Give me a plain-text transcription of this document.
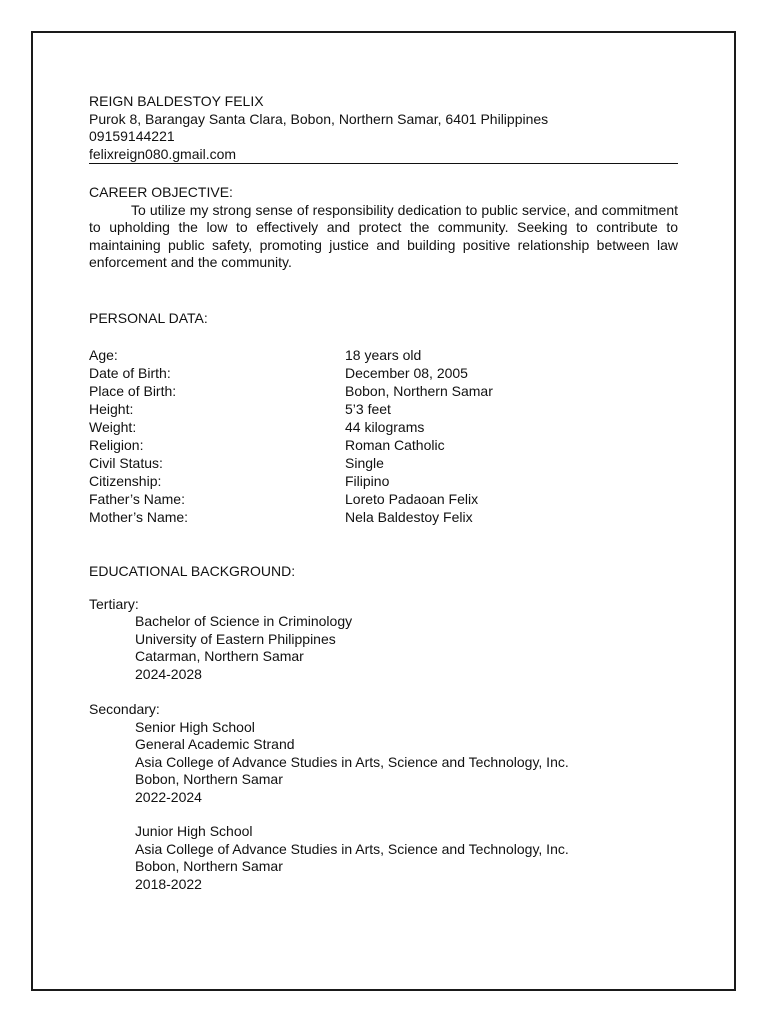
REIGN BALDESTOY FELIX
Purok 8, Barangay Santa Clara, Bobon, Northern Samar, 6401 Philippines
09159144221
felixreign080.gmail.com
CAREER OBJECTIVE:

To utilize my strong sense of responsibility dedication to public service, and commitment to upholding the low to effectively and protect the community. Seeking to contribute to maintaining public safety, promoting justice and building positive relationship between law enforcement and the community.

PERSONAL DATA:
Age:	18 years old
Date of Birth:	December 08, 2005
Place of Birth:	Bobon, Northern Samar
Height:	5’3 feet
Weight:	44 kilograms
Religion:	Roman Catholic
Civil Status:	Single
Citizenship:	Filipino
Father’s Name:	Loreto Padaoan Felix
Mother’s Name:	Nela Baldestoy Felix
EDUCATIONAL BACKGROUND:
Tertiary:
Bachelor of Science in Criminology
University of Eastern Philippines
Catarman, Northern Samar
2024-2028
Secondary:
Senior High School
General Academic Strand
Asia College of Advance Studies in Arts, Science and Technology, Inc.
Bobon, Northern Samar
2022-2024
Junior High School
Asia College of Advance Studies in Arts, Science and Technology, Inc.
Bobon, Northern Samar
2018-2022
